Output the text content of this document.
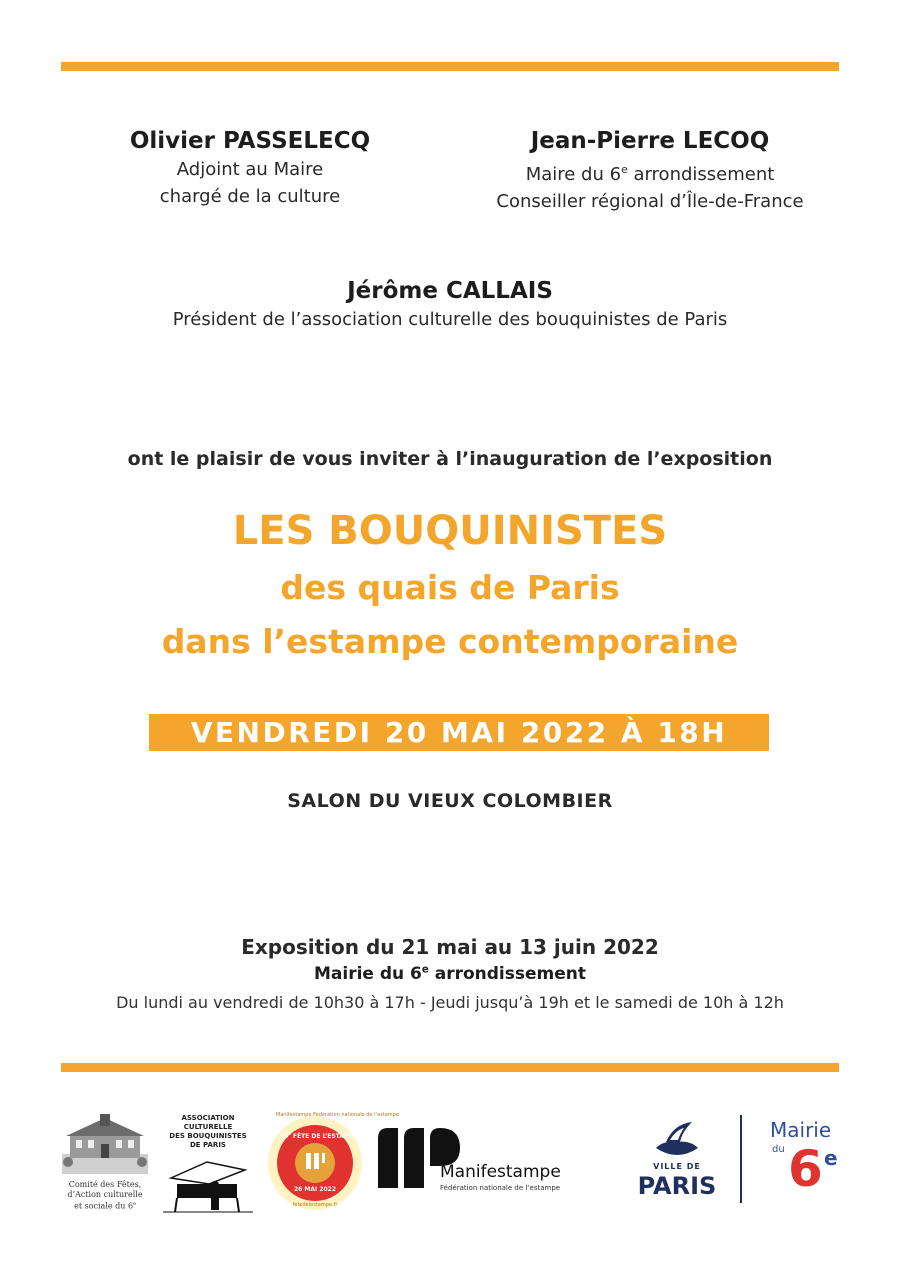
Olivier PASSELECQ
Adjoint au Maire
chargé de la culture
Jean-Pierre LECOQ
Maire du 6e arrondissement
Conseiller régional d’Île-de-France
Jérôme CALLAIS
Président de l’association culturelle des bouquinistes de Paris
ont le plaisir de vous inviter à l’inauguration de l’exposition
LES BOUQUINISTES
des quais de Paris
dans l’estampe contemporaine
VENDREDI 20 MAI 2022 À 18H
SALON DU VIEUX COLOMBIER
Exposition du 21 mai au 13 juin 2022
Mairie du 6e arrondissement
Du lundi au vendredi de 10h30 à 17h - Jeudi jusqu’à 19h et le samedi de 10h à 12h
Comité des Fêtes,
d’Action culturelle
et sociale du 6e
ASSOCIATION CULTURELLE
DES BOUQUINISTES
DE PARIS
Manifestampe Fédération nationale de l’estampe
10e FÊTE DE L’ESTAMPE
26 MAI 2022
fetedelestampe.fr
Manifestampe
Fédération nationale de l’estampe
VILLE DE
PARIS
Mairie
du 6 e
